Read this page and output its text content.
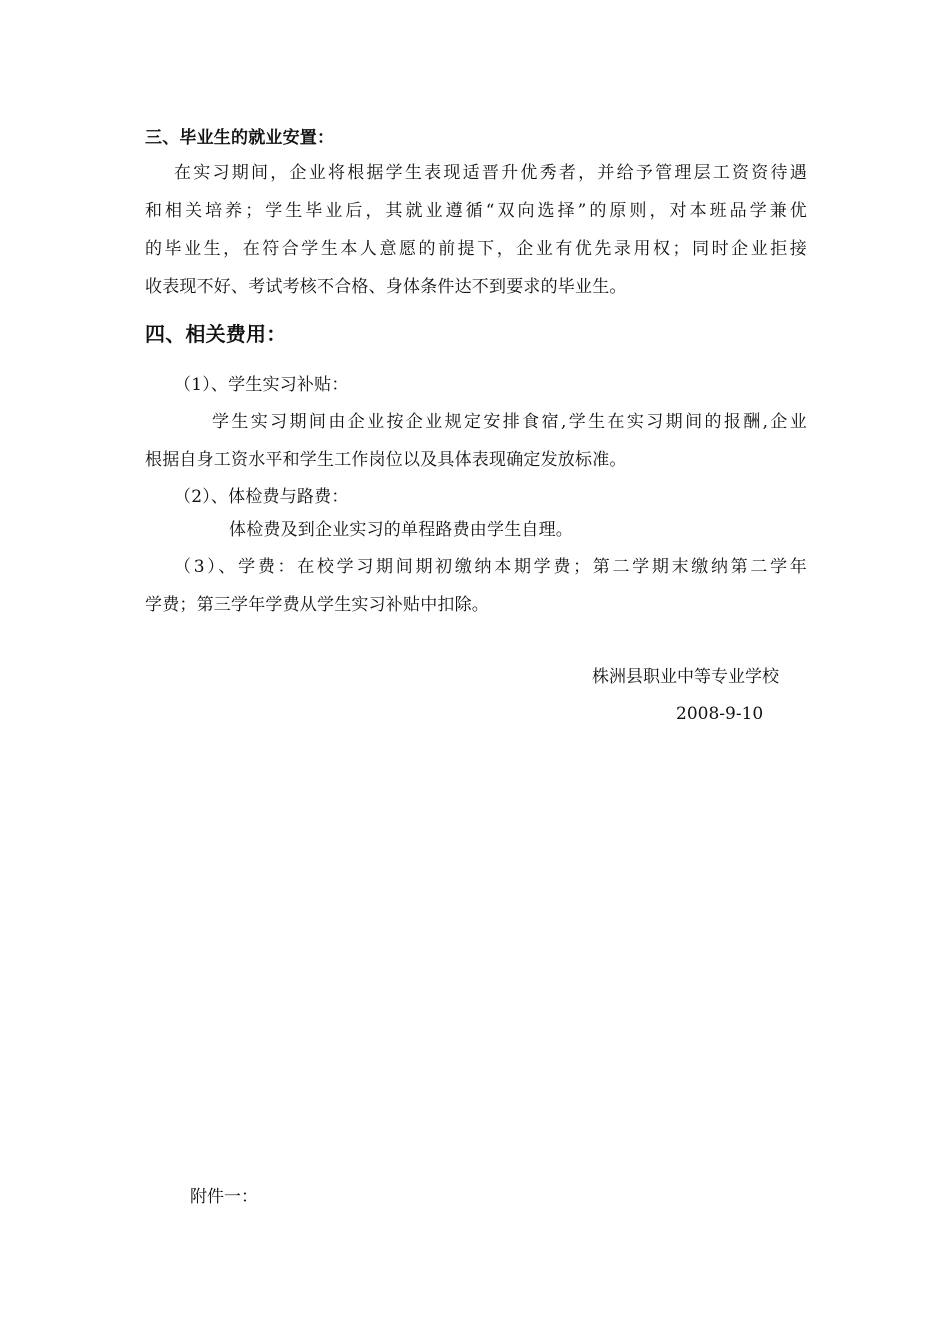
三、毕业生的就业安置：
在实习期间，企业将根据学生表现适晋升优秀者，并给予管理层工资资待遇
和相关培养；学生毕业后，其就业遵循“双向选择”的原则，对本班品学兼优
的毕业生，在符合学生本人意愿的前提下，企业有优先录用权；同时企业拒接
收表现不好、考试考核不合格、身体条件达不到要求的毕业生。
四、相关费用：
（1）、学生实习补贴：
学生实习期间由企业按企业规定安排食宿,学生在实习期间的报酬,企业
根据自身工资水平和学生工作岗位以及具体表现确定发放标准。
（2）、体检费与路费：
体检费及到企业实习的单程路费由学生自理。
（3）、学费：在校学习期间期初缴纳本期学费；第二学期末缴纳第二学年
学费；第三学年学费从学生实习补贴中扣除。
株洲县职业中等专业学校
2008-9-10
附件一：
